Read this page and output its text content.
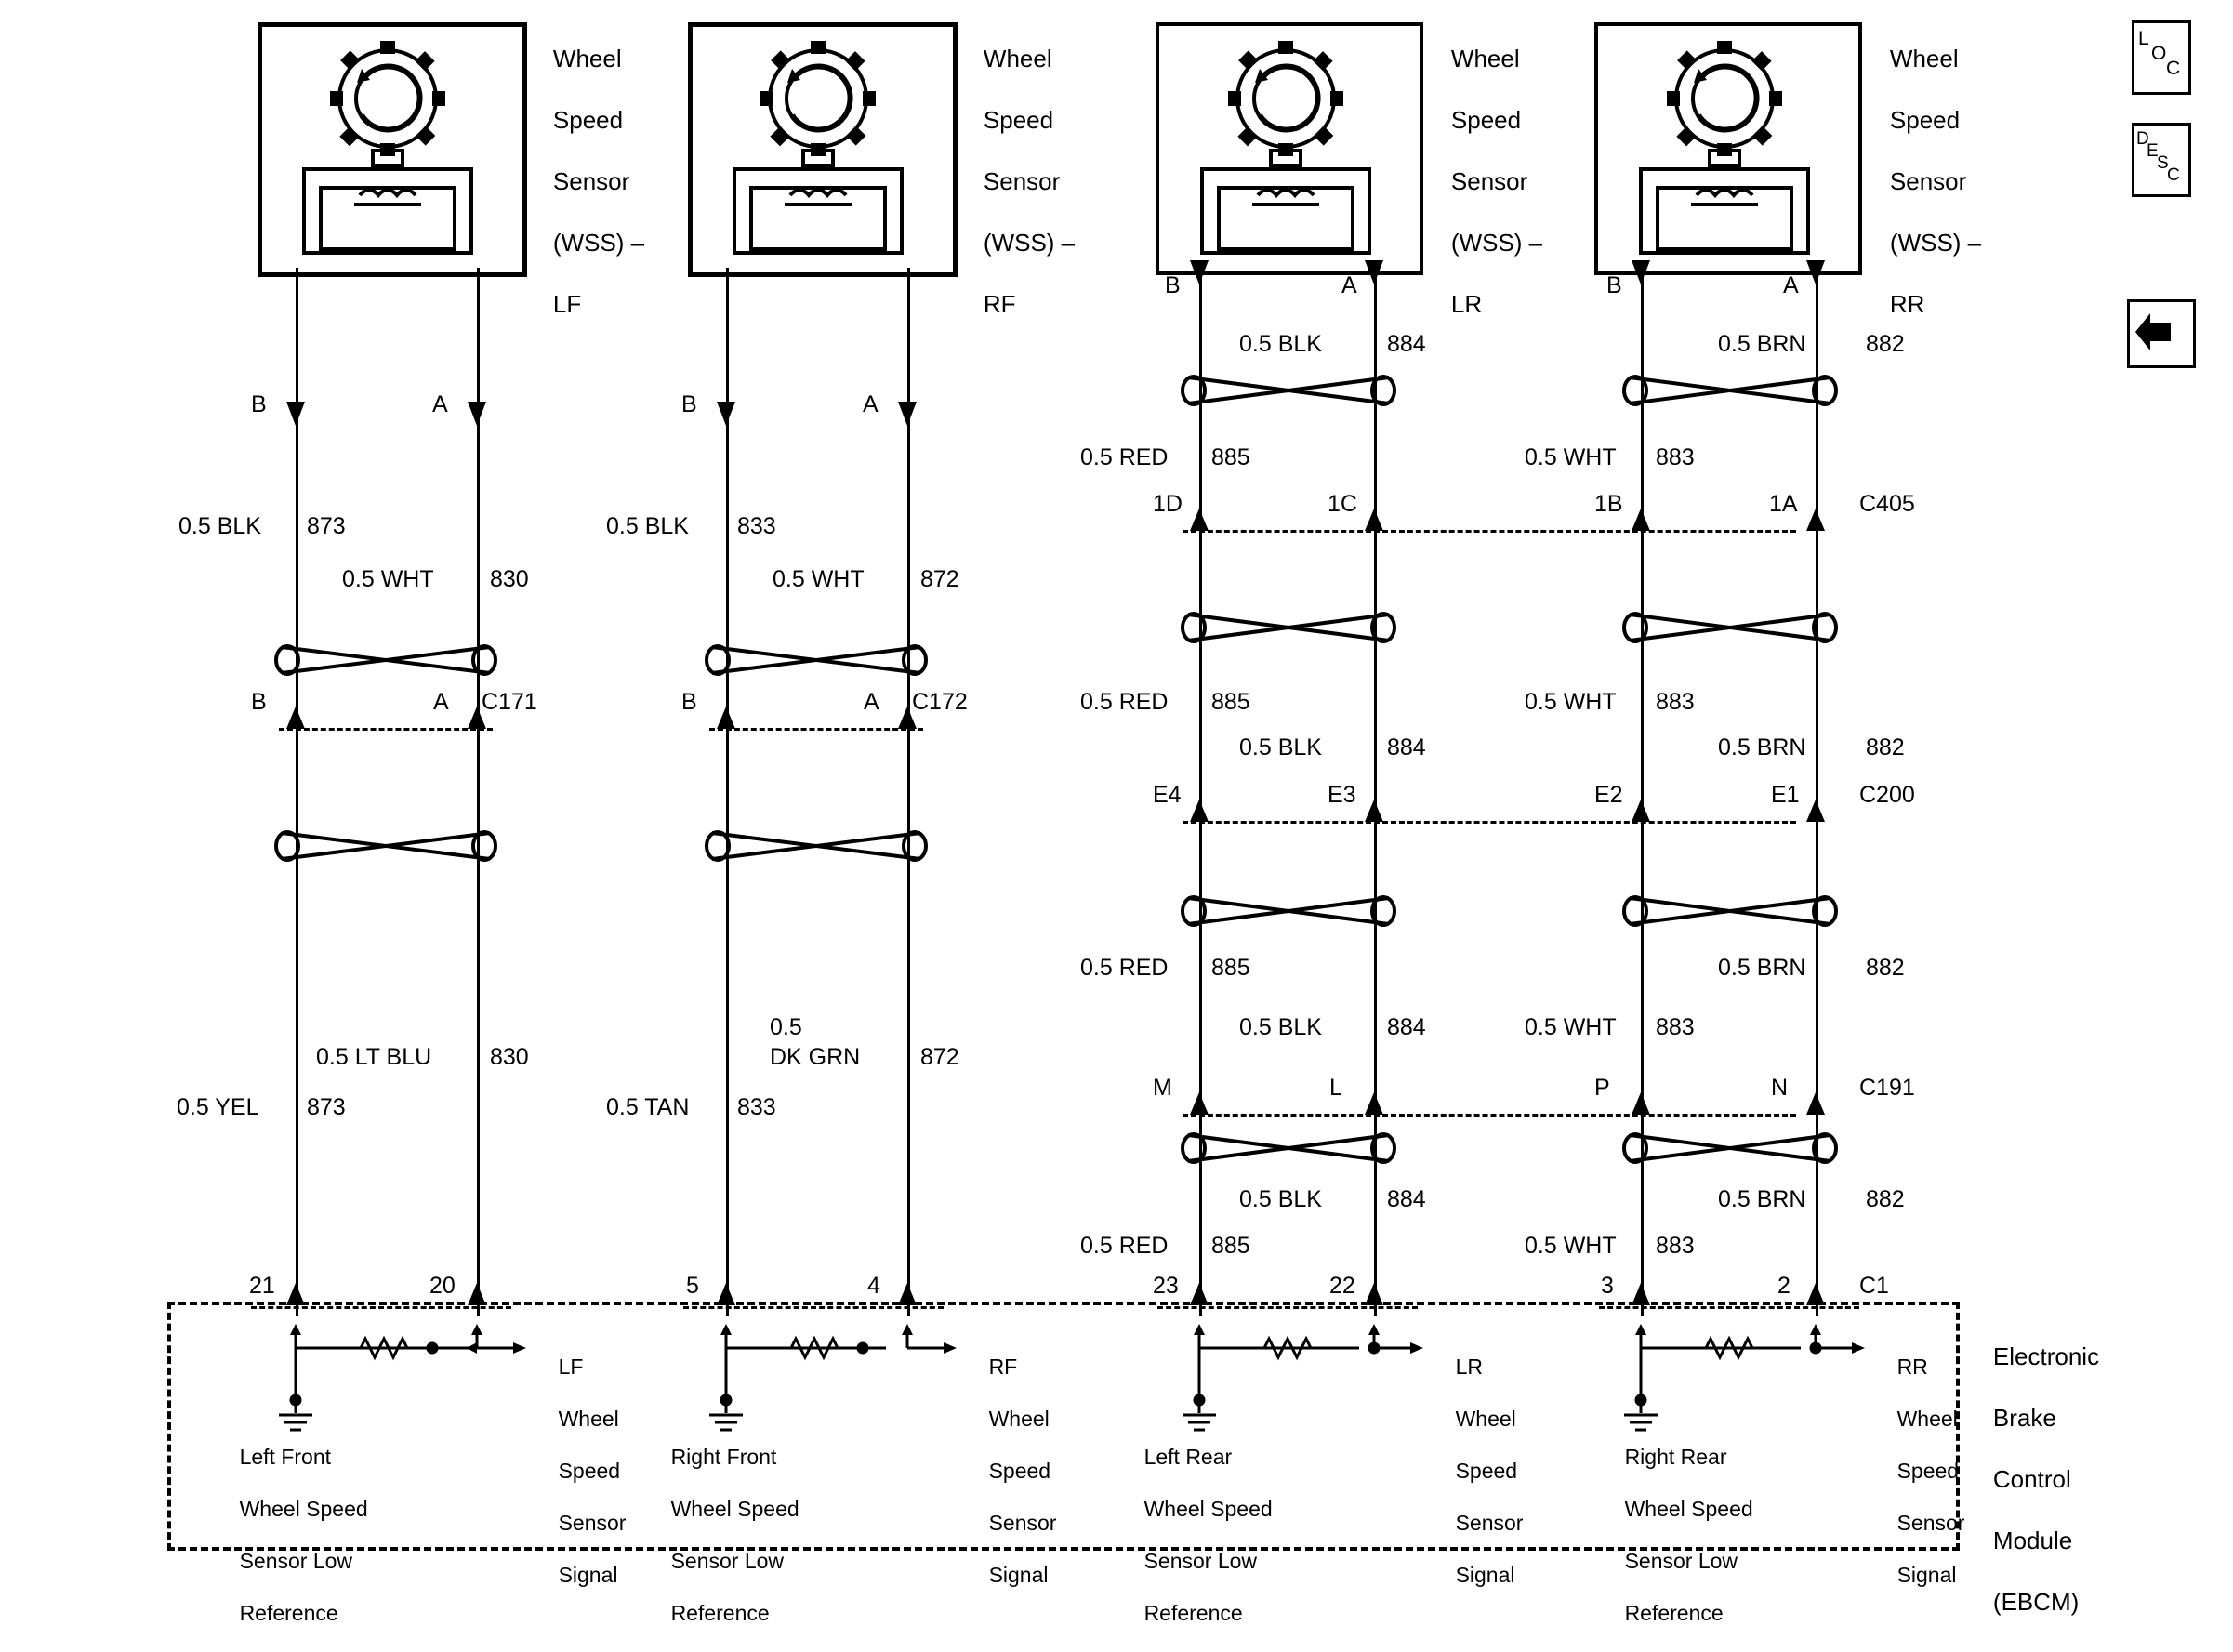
L
O
C
D
E
S
C

Wheel

Speed

Sensor

(WSS) –

LF

B	A
0.5 BLK 873
0.5 WHT 830
B	A C171
0.5 LT BLU	830
0.5 YEL 873
21	20

Wheel

Speed

Sensor

(WSS) –

RF

B	A
0.5 BLK 833
0.5 WHT 872
B	A C172
0.5
DK GRN	872
0.5 TAN 833
5	4

Wheel

Speed

Sensor

(WSS) –

LR

B	A
0.5 BLK	884
0.5 RED 885
1D	1C
0.5 RED 885
0.5 BLK	884
E4	E3
0.5 RED 885
0.5 BLK	884
M	L
0.5 BLK	884
0.5 RED 885
23	22

Wheel

Speed

Sensor

(WSS) –

RR

B	A
0.5 BRN	882
0.5 WHT 883
1B	1A	C405
0.5 WHT 883
0.5 BRN	882
E2	E1	C200
0.5 BRN	882
0.5 WHT 883
P	N	C191
0.5 BRN	882
0.5 WHT 883
3	2	C1

LF

Wheel

Speed

Sensor

Signal

Left Front

Wheel Speed

Sensor Low

Reference

RF

Wheel

Speed

Sensor

Signal

Right Front

Wheel Speed

Sensor Low

Reference

LR

Wheel

Speed

Sensor

Signal

Left Rear

Wheel Speed

Sensor Low

Reference

RR

Wheel

Speed

Sensor

Signal

Right Rear

Wheel Speed

Sensor Low

Reference

Electronic

Brake

Control

Module

(EBCM)
